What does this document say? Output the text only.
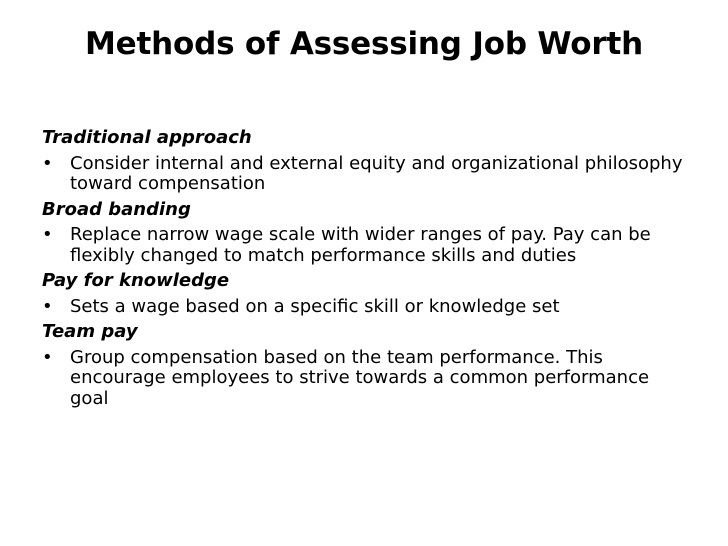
Methods of Assessing Job Worth
Traditional approach
• Consider internal and external equity and organizational philosophy toward compensation
Broad banding
• Replace narrow wage scale with wider ranges of pay. Pay can be flexibly changed to match performance skills and duties
Pay for knowledge
• Sets a wage based on a specific skill or knowledge set
Team pay
• Group compensation based on the team performance. This encourage employees to strive towards a common performance goal
